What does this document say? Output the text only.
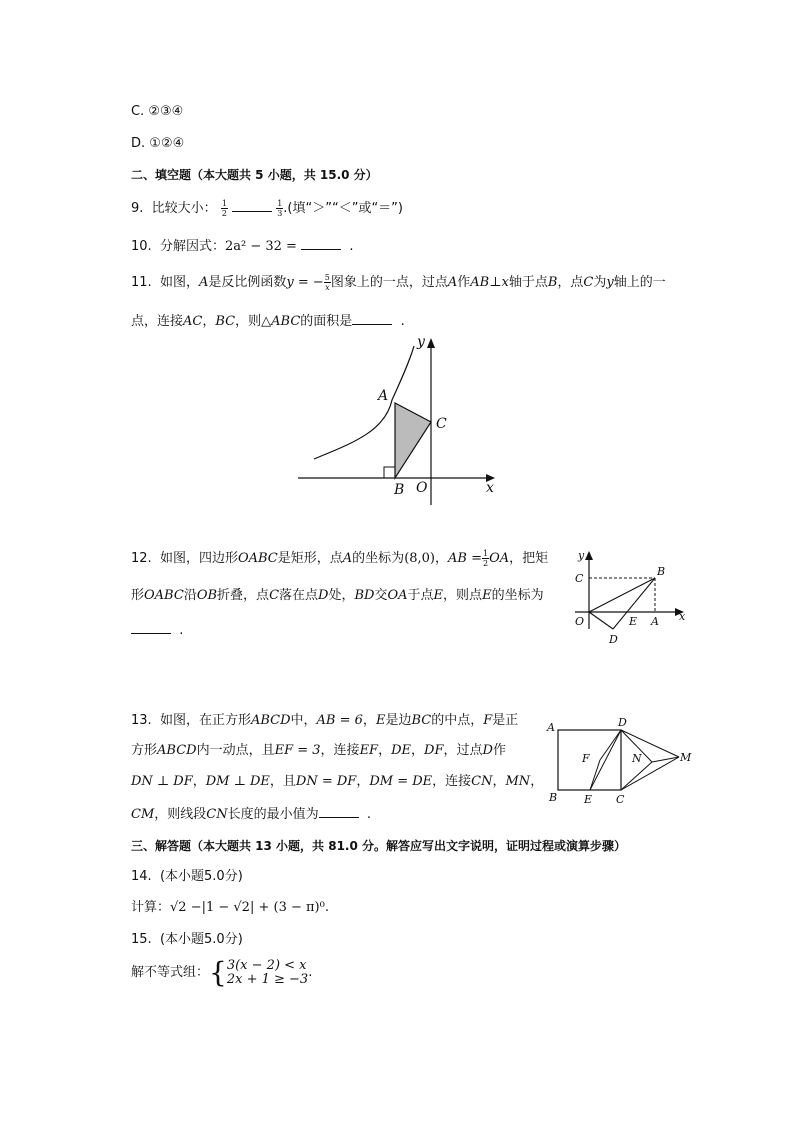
C. ②③④
D. ①②④
二、填空题（本大题共 5 小题，共 15.0 分）
9. 比较大小： $\frac{1}{2}$
	$\frac{1}{3}$ .(填“＞”“＜”或“＝”)
10. 分解因式：2a² − 32 =	.
11. 如图，A是反比例函数y = − $\frac{5}{x}$ 图象上的一点，过点A作AB⊥x轴于点B，点C为y轴上的一
点，连接AC，BC，则△ABC的面积是	.
A
B
C
O	x
y
12. 如图，四边形OABC是矩形，点A的坐标为(8,0)，AB = $\frac{1}{2}$ OA，把矩
形OABC沿OB折叠，点C落在点D处，BD交OA于点E，则点E的坐标为
.
C
B
O	E A
D
x
y
13. 如图，在正方形ABCD中，AB = 6，E是边BC的中点，F是正
方形ABCD内一动点，且EF = 3，连接EF，DE，DF，过点D作
DN ⊥ DF，DM ⊥ DE，且DN = DF，DM = DE，连接CN，MN，
CM，则线段CN长度的最小值为	.
A	D
F	N	M
B E C
三、解答题（本大题共 13 小题，共 81.0 分。解答应写出文字说明，证明过程或演算步骤）
14. (本小题5.0分)
计算：√2 −|1 − √2| + (3 − π)⁰.
15. (本小题5.0分)
解不等式组：{ 3(x − 2) < x
2x + 1 ≥ −3 .
